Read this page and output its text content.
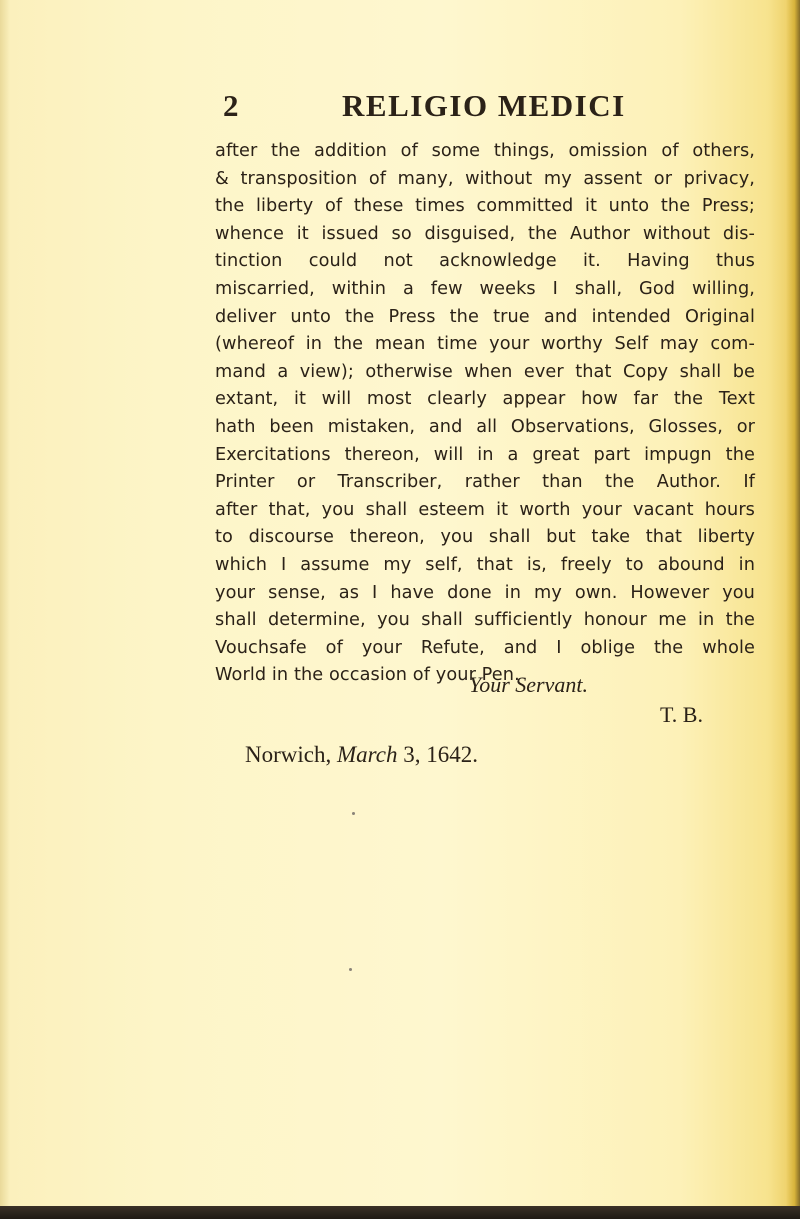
2	RELIGIO MEDICI
after the addition of some things, omission of others,
& transposition of many, without my assent or privacy,
the liberty of these times committed it unto the Press;
whence it issued so disguised, the Author without dis-
tinction could not acknowledge it. Having thus
miscarried, within a few weeks I shall, God willing,
deliver unto the Press the true and intended Original
(whereof in the mean time your worthy Self may com-
mand a view); otherwise when ever that Copy shall be
extant, it will most clearly appear how far the Text
hath been mistaken, and all Observations, Glosses, or
Exercitations thereon, will in a great part impugn the
Printer or Transcriber, rather than the Author. If
after that, you shall esteem it worth your vacant hours
to discourse thereon, you shall but take that liberty
which I assume my self, that is, freely to abound in
your sense, as I have done in my own. However you
shall determine, you shall sufficiently honour me in the
Vouchsafe of your Refute, and I oblige the whole
World in the occasion of your Pen.
Your Servant.
T. B.
Norwich, March 3, 1642.
